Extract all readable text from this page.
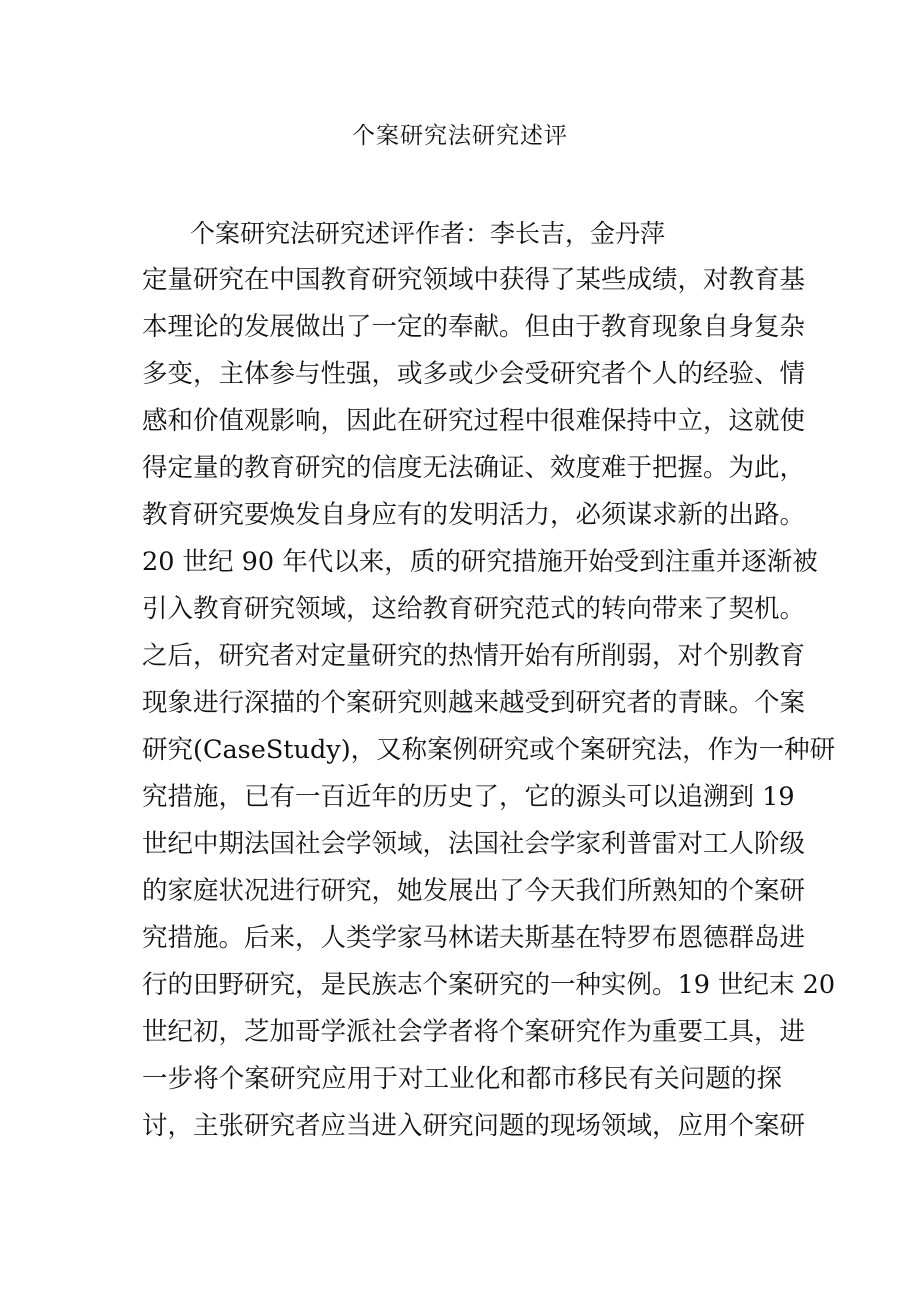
个案研究法研究述评
个案研究法研究述评作者：李长吉，金丹萍
定量研究在中国教育研究领域中获得了某些成绩，对教育基
本理论的发展做出了一定的奉献。但由于教育现象自身复杂
多变，主体参与性强，或多或少会受研究者个人的经验、情
感和价值观影响，因此在研究过程中很难保持中立，这就使
得定量的教育研究的信度无法确证、效度难于把握。为此，
教育研究要焕发自身应有的发明活力，必须谋求新的出路。
20 世纪 90 年代以来，质的研究措施开始受到注重并逐渐被
引入教育研究领域，这给教育研究范式的转向带来了契机。
之后，研究者对定量研究的热情开始有所削弱，对个别教育
现象进行深描的个案研究则越来越受到研究者的青睐。个案
研究(CaseStudy)，又称案例研究或个案研究法，作为一种研
究措施，已有一百近年的历史了，它的源头可以追溯到 19
世纪中期法国社会学领域，法国社会学家利普雷对工人阶级
的家庭状况进行研究，她发展出了今天我们所熟知的个案研
究措施。后来，人类学家马林诺夫斯基在特罗布恩德群岛进
行的田野研究，是民族志个案研究的一种实例。19 世纪末 20
世纪初，芝加哥学派社会学者将个案研究作为重要工具，进
一步将个案研究应用于对工业化和都市移民有关问题的探
讨，主张研究者应当进入研究问题的现场领域，应用个案研
